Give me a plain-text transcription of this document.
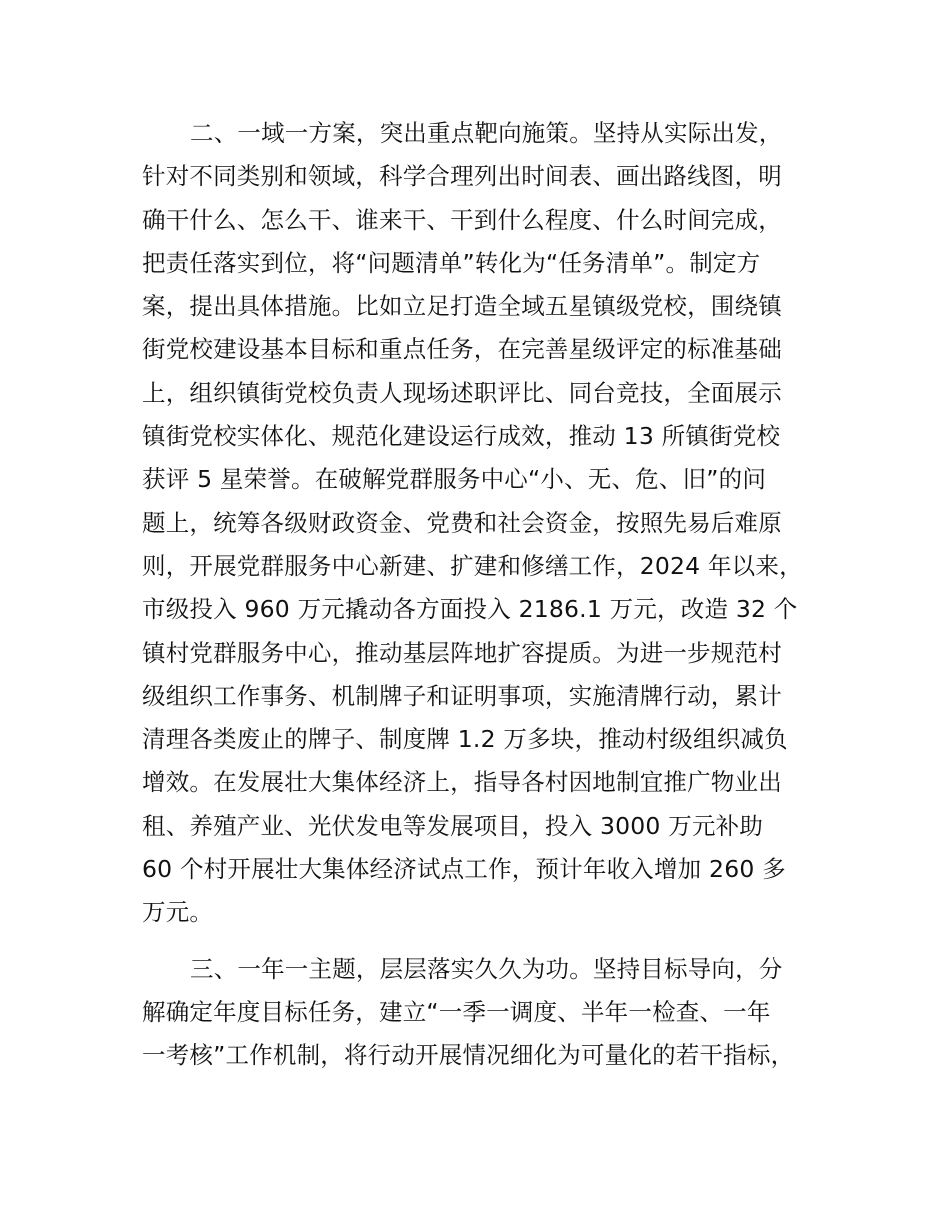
二、一域一方案，突出重点靶向施策。坚持从实际出发，
针对不同类别和领域，科学合理列出时间表、画出路线图，明
确干什么、怎么干、谁来干、干到什么程度、什么时间完成，
把责任落实到位，将“问题清单”转化为“任务清单”。制定方
案，提出具体措施。比如立足打造全域五星镇级党校，围绕镇
街党校建设基本目标和重点任务，在完善星级评定的标准基础
上，组织镇街党校负责人现场述职评比、同台竞技，全面展示
镇街党校实体化、规范化建设运行成效，推动 13 所镇街党校
获评 5 星荣誉。在破解党群服务中心“小、无、危、旧”的问
题上，统筹各级财政资金、党费和社会资金，按照先易后难原
则，开展党群服务中心新建、扩建和修缮工作，2024 年以来，
市级投入 960 万元撬动各方面投入 2186.1 万元，改造 32 个
镇村党群服务中心，推动基层阵地扩容提质。为进一步规范村
级组织工作事务、机制牌子和证明事项，实施清牌行动，累计
清理各类废止的牌子、制度牌 1.2 万多块，推动村级组织减负
增效。在发展壮大集体经济上，指导各村因地制宜推广物业出
租、养殖产业、光伏发电等发展项目，投入 3000 万元补助
60 个村开展壮大集体经济试点工作，预计年收入增加 260 多
万元。
三、一年一主题，层层落实久久为功。坚持目标导向，分
解确定年度目标任务，建立“一季一调度、半年一检查、一年
一考核”工作机制，将行动开展情况细化为可量化的若干指标，
